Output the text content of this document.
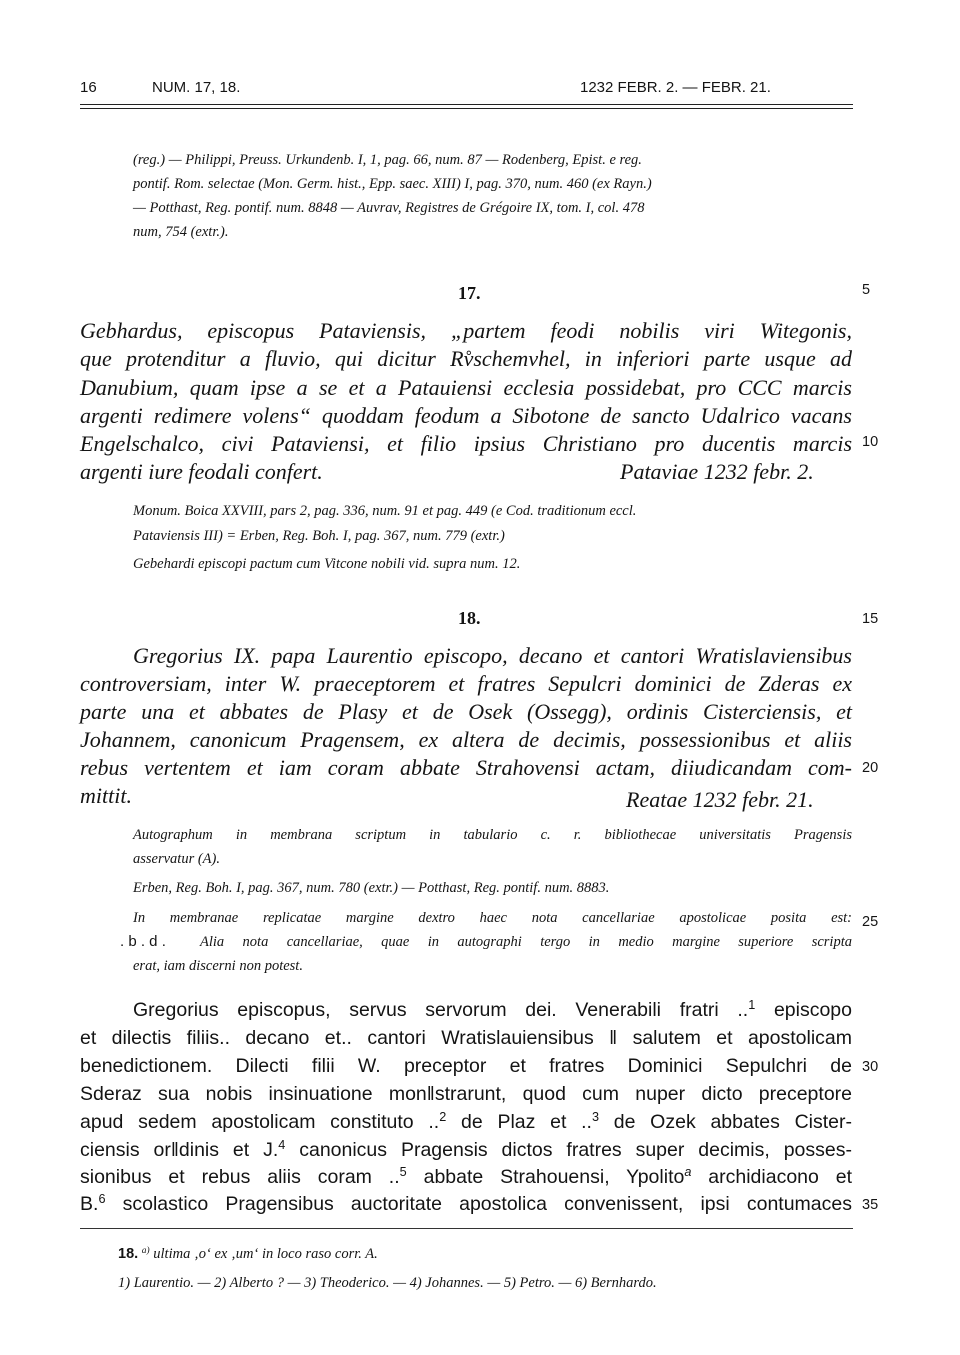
16	NUM. 17, 18.	1232 FEBR. 2. — FEBR. 21.
(reg.) — Philippi, Preuss. Urkundenb. I, 1, pag. 66, num. 87 — Rodenberg, Epist. e reg.
pontif. Rom. selectae (Mon. Germ. hist., Epp. saec. XIII) I, pag. 370, num. 460 (ex Rayn.)
— Potthast, Reg. pontif. num. 8848 — Auvrav, Registres de Grégoire IX, tom. I, col. 478
num, 754 (extr.).
17.	5
Gebhardus, episcopus Pataviensis, „partem feodi nobilis viri Witegonis,
que protenditur a fluvio, qui dicitur Rv̊schemvhel, in inferiori parte usque ad
Danubium, quam ipse a se et a Patauiensi ecclesia possidebat, pro CCC marcis
argenti redimere volens“ quoddam feodum a Sibotone de sancto Udalrico vacans
Engelschalco, civi Pataviensi, et filio ipsius Christiano pro ducentis marcis 10
argenti iure feodali confert.	Pataviae 1232 febr. 2.
Monum. Boica XXVIII, pars 2, pag. 336, num. 91 et pag. 449 (e Cod. traditionum eccl.
Pataviensis III) = Erben, Reg. Boh. I, pag. 367, num. 779 (extr.)
Gebehardi episcopi pactum cum Vitcone nobili vid. supra num. 12.
18.	15
Gregorius IX. papa Laurentio episcopo, decano et cantori Wratislaviensibus
controversiam, inter W. praeceptorem et fratres Sepulcri dominici de Zderas ex
parte una et abbates de Plasy et de Osek (Ossegg), ordinis Cisterciensis, et
Johannem, canonicum Pragensem, ex altera de decimis, possessionibus et aliis
rebus vertentem et iam coram abbate Strahovensi actam, diiudicandam com- 20
mittit.	Reatae 1232 febr. 21.
Autographum in membrana scriptum in tabulario c. r. bibliothecae universitatis Pragensis
asservatur (A).
Erben, Reg. Boh. I, pag. 367, num. 780 (extr.) — Potthast, Reg. pontif. num. 8883.
In membranae replicatae margine dextro haec nota cancellariae apostolicae posita est: 25
. b . d . Alia nota cancellariae, quae in autographi tergo in medio margine superiore scripta
erat, iam discerni non potest.
Gregorius episcopus, servus servorum dei. Venerabili fratri ..$^1$ episcopo
et dilectis filiis.. decano et.. cantori Wratislauiensibus ‖ salutem et apostolicam
benedictionem. Dilecti filii W. preceptor et fratres Dominici Sepulchri de 30
Sderaz sua nobis insinuatione mon‖strarunt, quod cum nuper dicto preceptore
apud sedem apostolicam constituto ..$^2$ de Plaz et ..$^3$ de Ozek abbates Cister-
ciensis or‖dinis et J.$^4$ canonicus Pragensis dictos fratres super decimis, posses-
sionibus et rebus aliis coram ..$^5$ abbate Strahouensi, Ypolito$^a$ archidiacono et
B.$^6$ scolastico Pragensibus auctoritate apostolica convenissent, ipsi contumaces 35
18. $^{a)}$ ultima ‚o‘ ex ‚um‘ in loco raso corr. A.
1) Laurentio. — 2) Alberto ? — 3) Theoderico. — 4) Johannes. — 5) Petro. — 6) Bernhardo.
